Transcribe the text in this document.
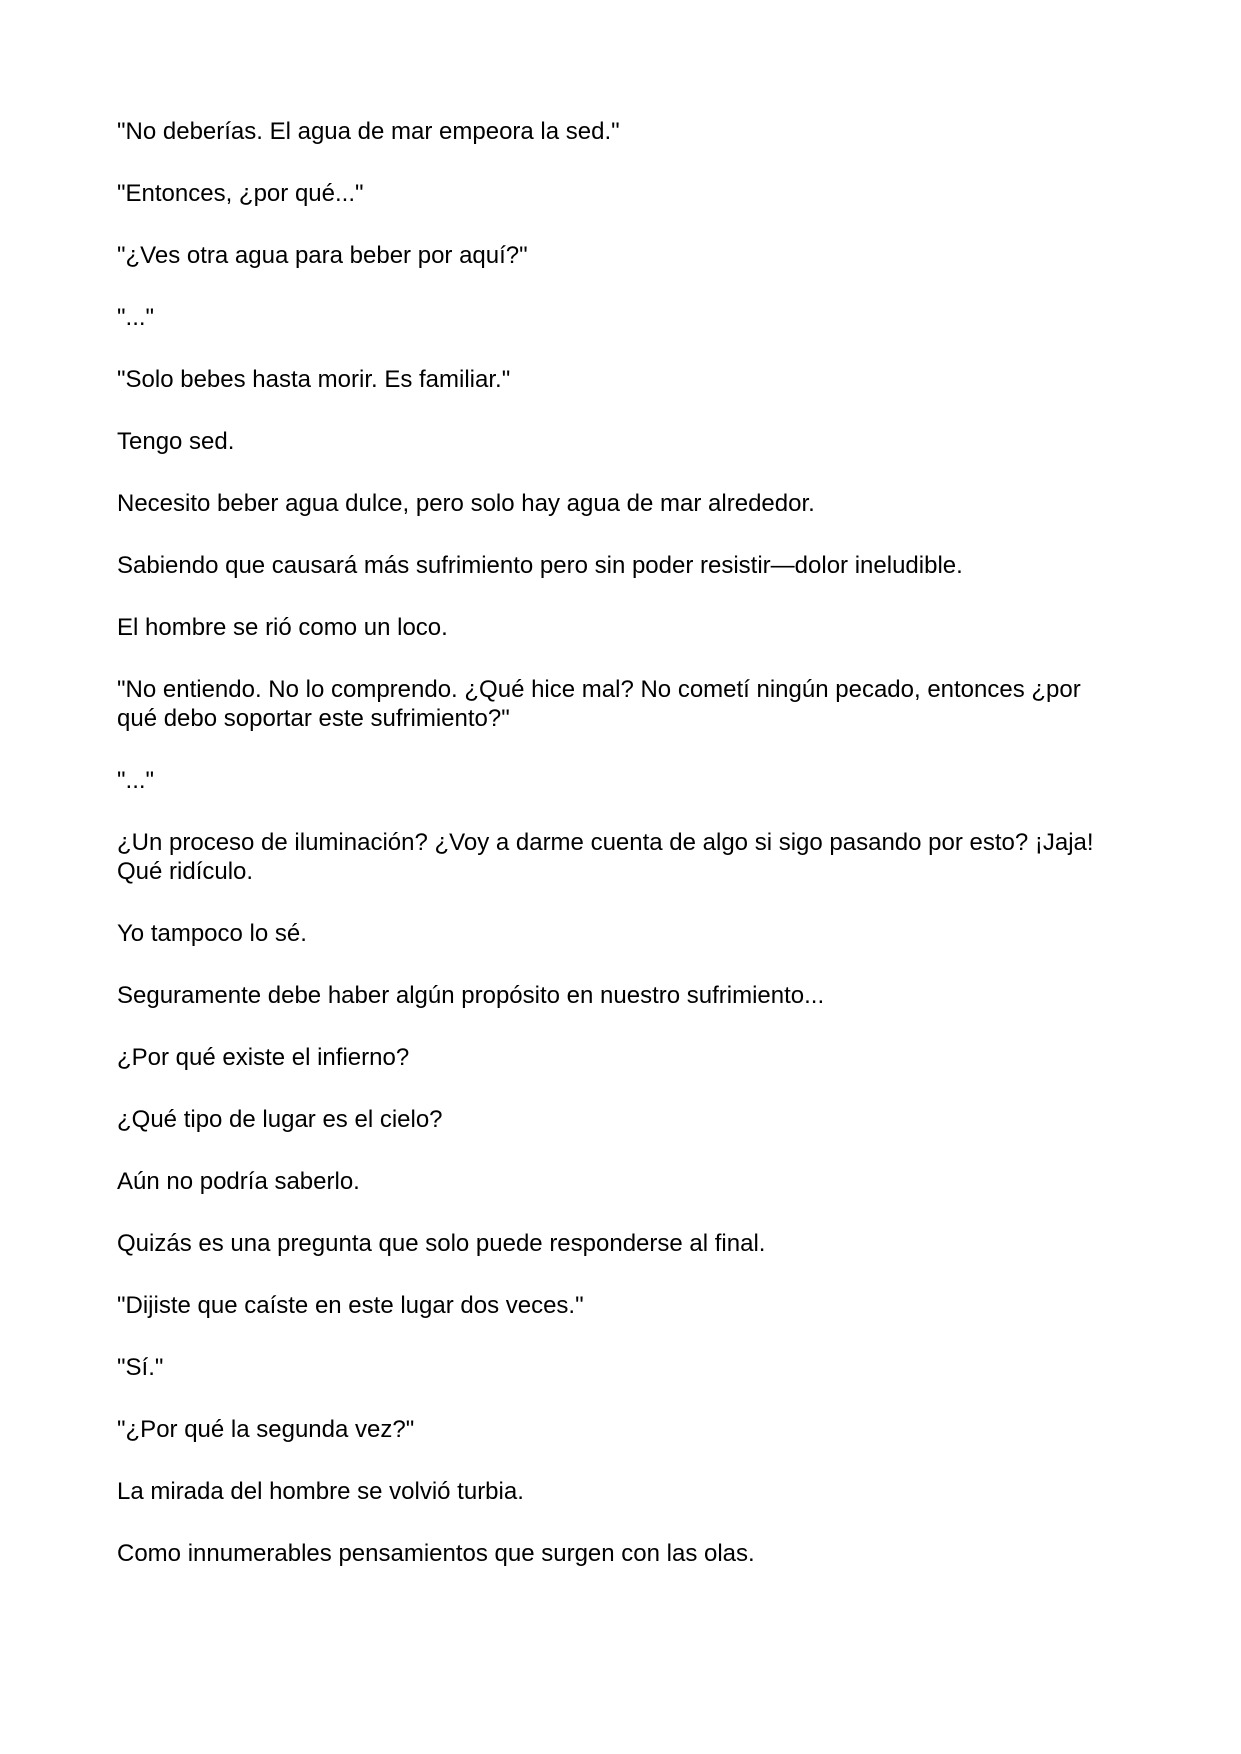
"No deberías. El agua de mar empeora la sed."

"Entonces, ¿por qué..."

"¿Ves otra agua para beber por aquí?"

"..."

"Solo bebes hasta morir. Es familiar."

Tengo sed.

Necesito beber agua dulce, pero solo hay agua de mar alrededor.

Sabiendo que causará más sufrimiento pero sin poder resistir—dolor ineludible.

El hombre se rió como un loco.

"No entiendo. No lo comprendo. ¿Qué hice mal? No cometí ningún pecado, entonces ¿por qué debo soportar este sufrimiento?"

"..."

¿Un proceso de iluminación? ¿Voy a darme cuenta de algo si sigo pasando por esto? ¡Jaja! Qué ridículo.

Yo tampoco lo sé.

Seguramente debe haber algún propósito en nuestro sufrimiento...

¿Por qué existe el infierno?

¿Qué tipo de lugar es el cielo?

Aún no podría saberlo.

Quizás es una pregunta que solo puede responderse al final.

"Dijiste que caíste en este lugar dos veces."

"Sí."

"¿Por qué la segunda vez?"

La mirada del hombre se volvió turbia.

Como innumerables pensamientos que surgen con las olas.
